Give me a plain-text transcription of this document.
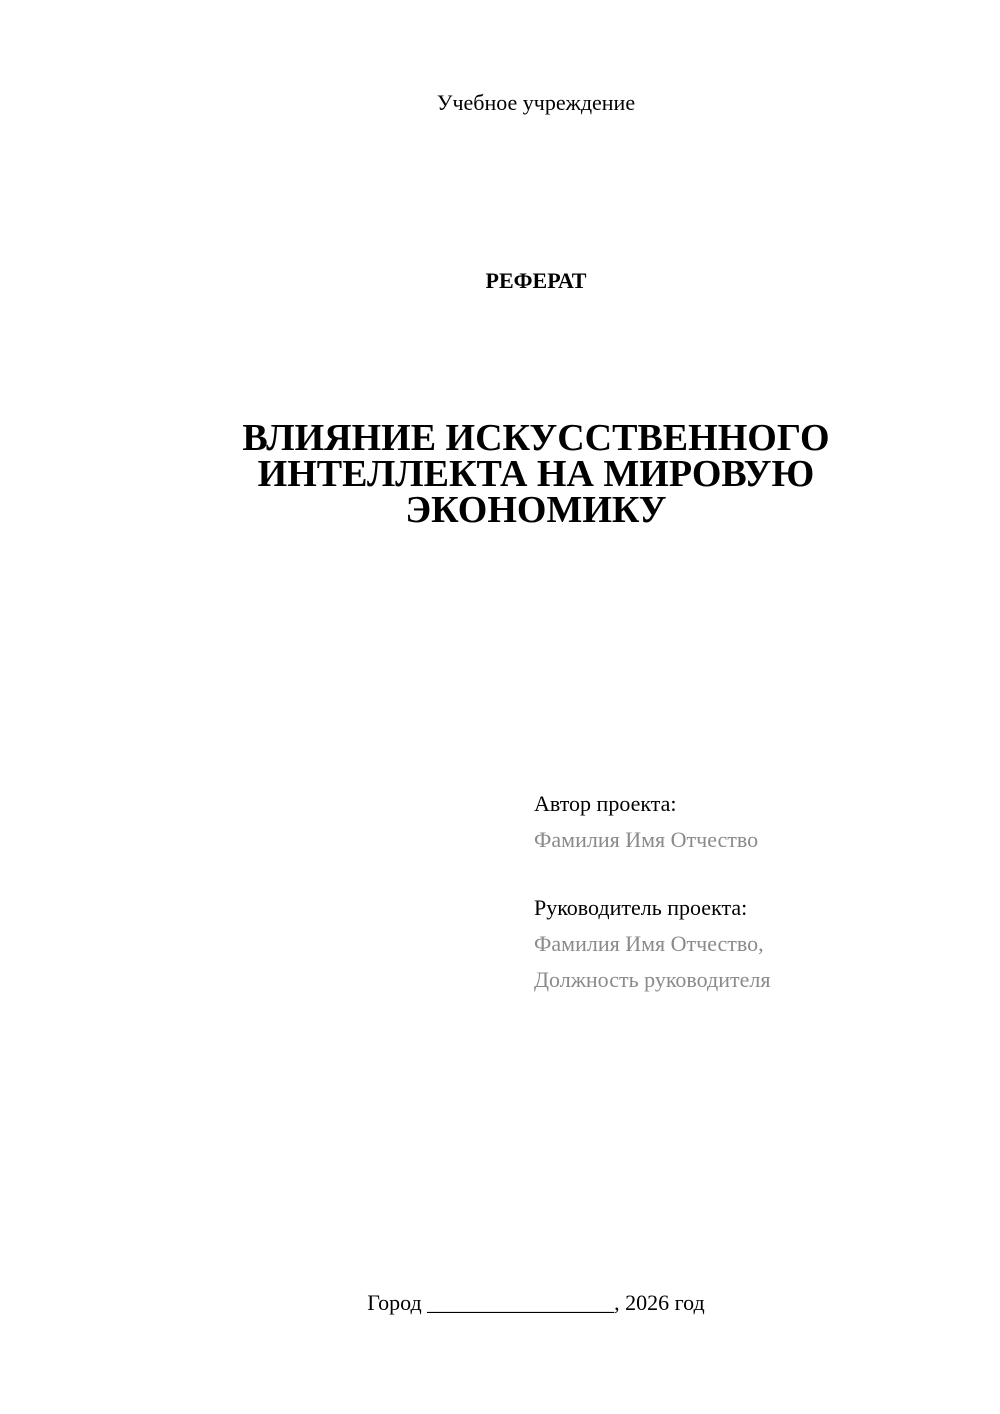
Учебное учреждение
РЕФЕРАТ
ВЛИЯНИЕ ИСКУССТВЕННОГО
ИНТЕЛЛЕКТА НА МИРОВУЮ
ЭКОНОМИКУ
Автор проекта:
Фамилия Имя Отчество
Руководитель проекта:
Фамилия Имя Отчество,
Должность руководителя
Город _________________, 2026 год
